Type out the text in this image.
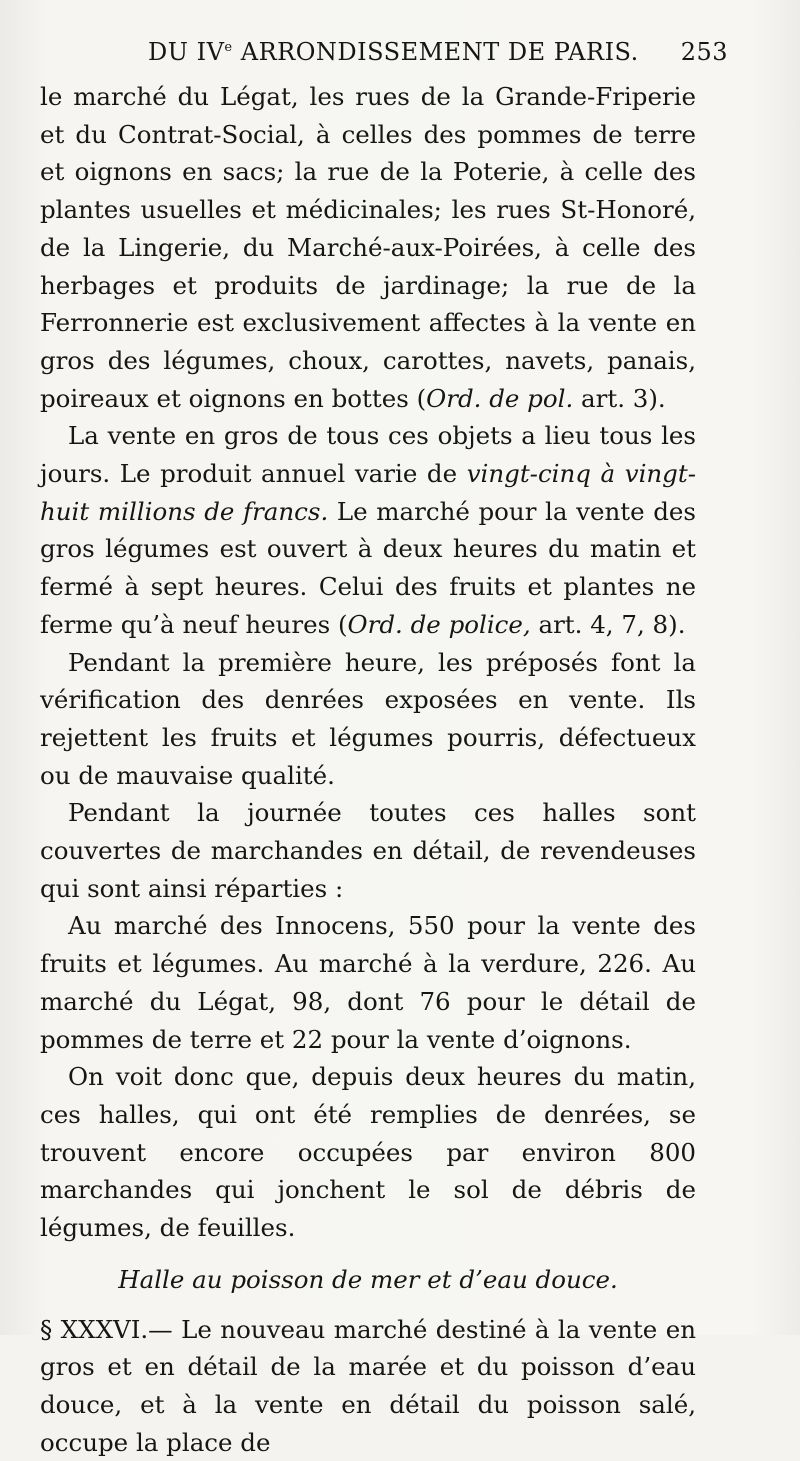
DU IVe ARRONDISSEMENT DE PARIS. 253

le marché du Légat, les rues de la Grande-Friperie et du Contrat-Social, à celles des pommes de terre et oignons en sacs; la rue de la Poterie, à celle des plantes usuelles et médicinales; les rues St-Honoré, de la Lingerie, du Marché-aux-Poirées, à celle des herbages et produits de jardinage; la rue de la Ferronnerie est exclusivement affectes à la vente en gros des légumes, choux, carottes, navets, panais, poireaux et oignons en bottes (Ord. de pol. art. 3).

La vente en gros de tous ces objets a lieu tous les jours. Le produit annuel varie de vingt-cinq à vingt-huit millions de francs. Le marché pour la vente des gros légumes est ouvert à deux heures du matin et fermé à sept heures. Celui des fruits et plantes ne ferme qu’à neuf heures (Ord. de police, art. 4, 7, 8).

Pendant la première heure, les préposés font la vérification des denrées exposées en vente. Ils rejettent les fruits et légumes pourris, défectueux ou de mauvaise qualité.

Pendant la journée toutes ces halles sont couvertes de marchandes en détail, de revendeuses qui sont ainsi réparties :

Au marché des Innocens, 550 pour la vente des fruits et légumes. Au marché à la verdure, 226. Au marché du Légat, 98, dont 76 pour le détail de pommes de terre et 22 pour la vente d’oignons.

On voit donc que, depuis deux heures du matin, ces halles, qui ont été remplies de denrées, se trouvent encore occupées par environ 800 marchandes qui jonchent le sol de débris de légumes, de feuilles.

Halle au poisson de mer et d’eau douce.

§ XXXVI.— Le nouveau marché destiné à la vente en gros et en détail de la marée et du poisson d’eau douce, et à la vente en détail du poisson salé, occupe la place de
